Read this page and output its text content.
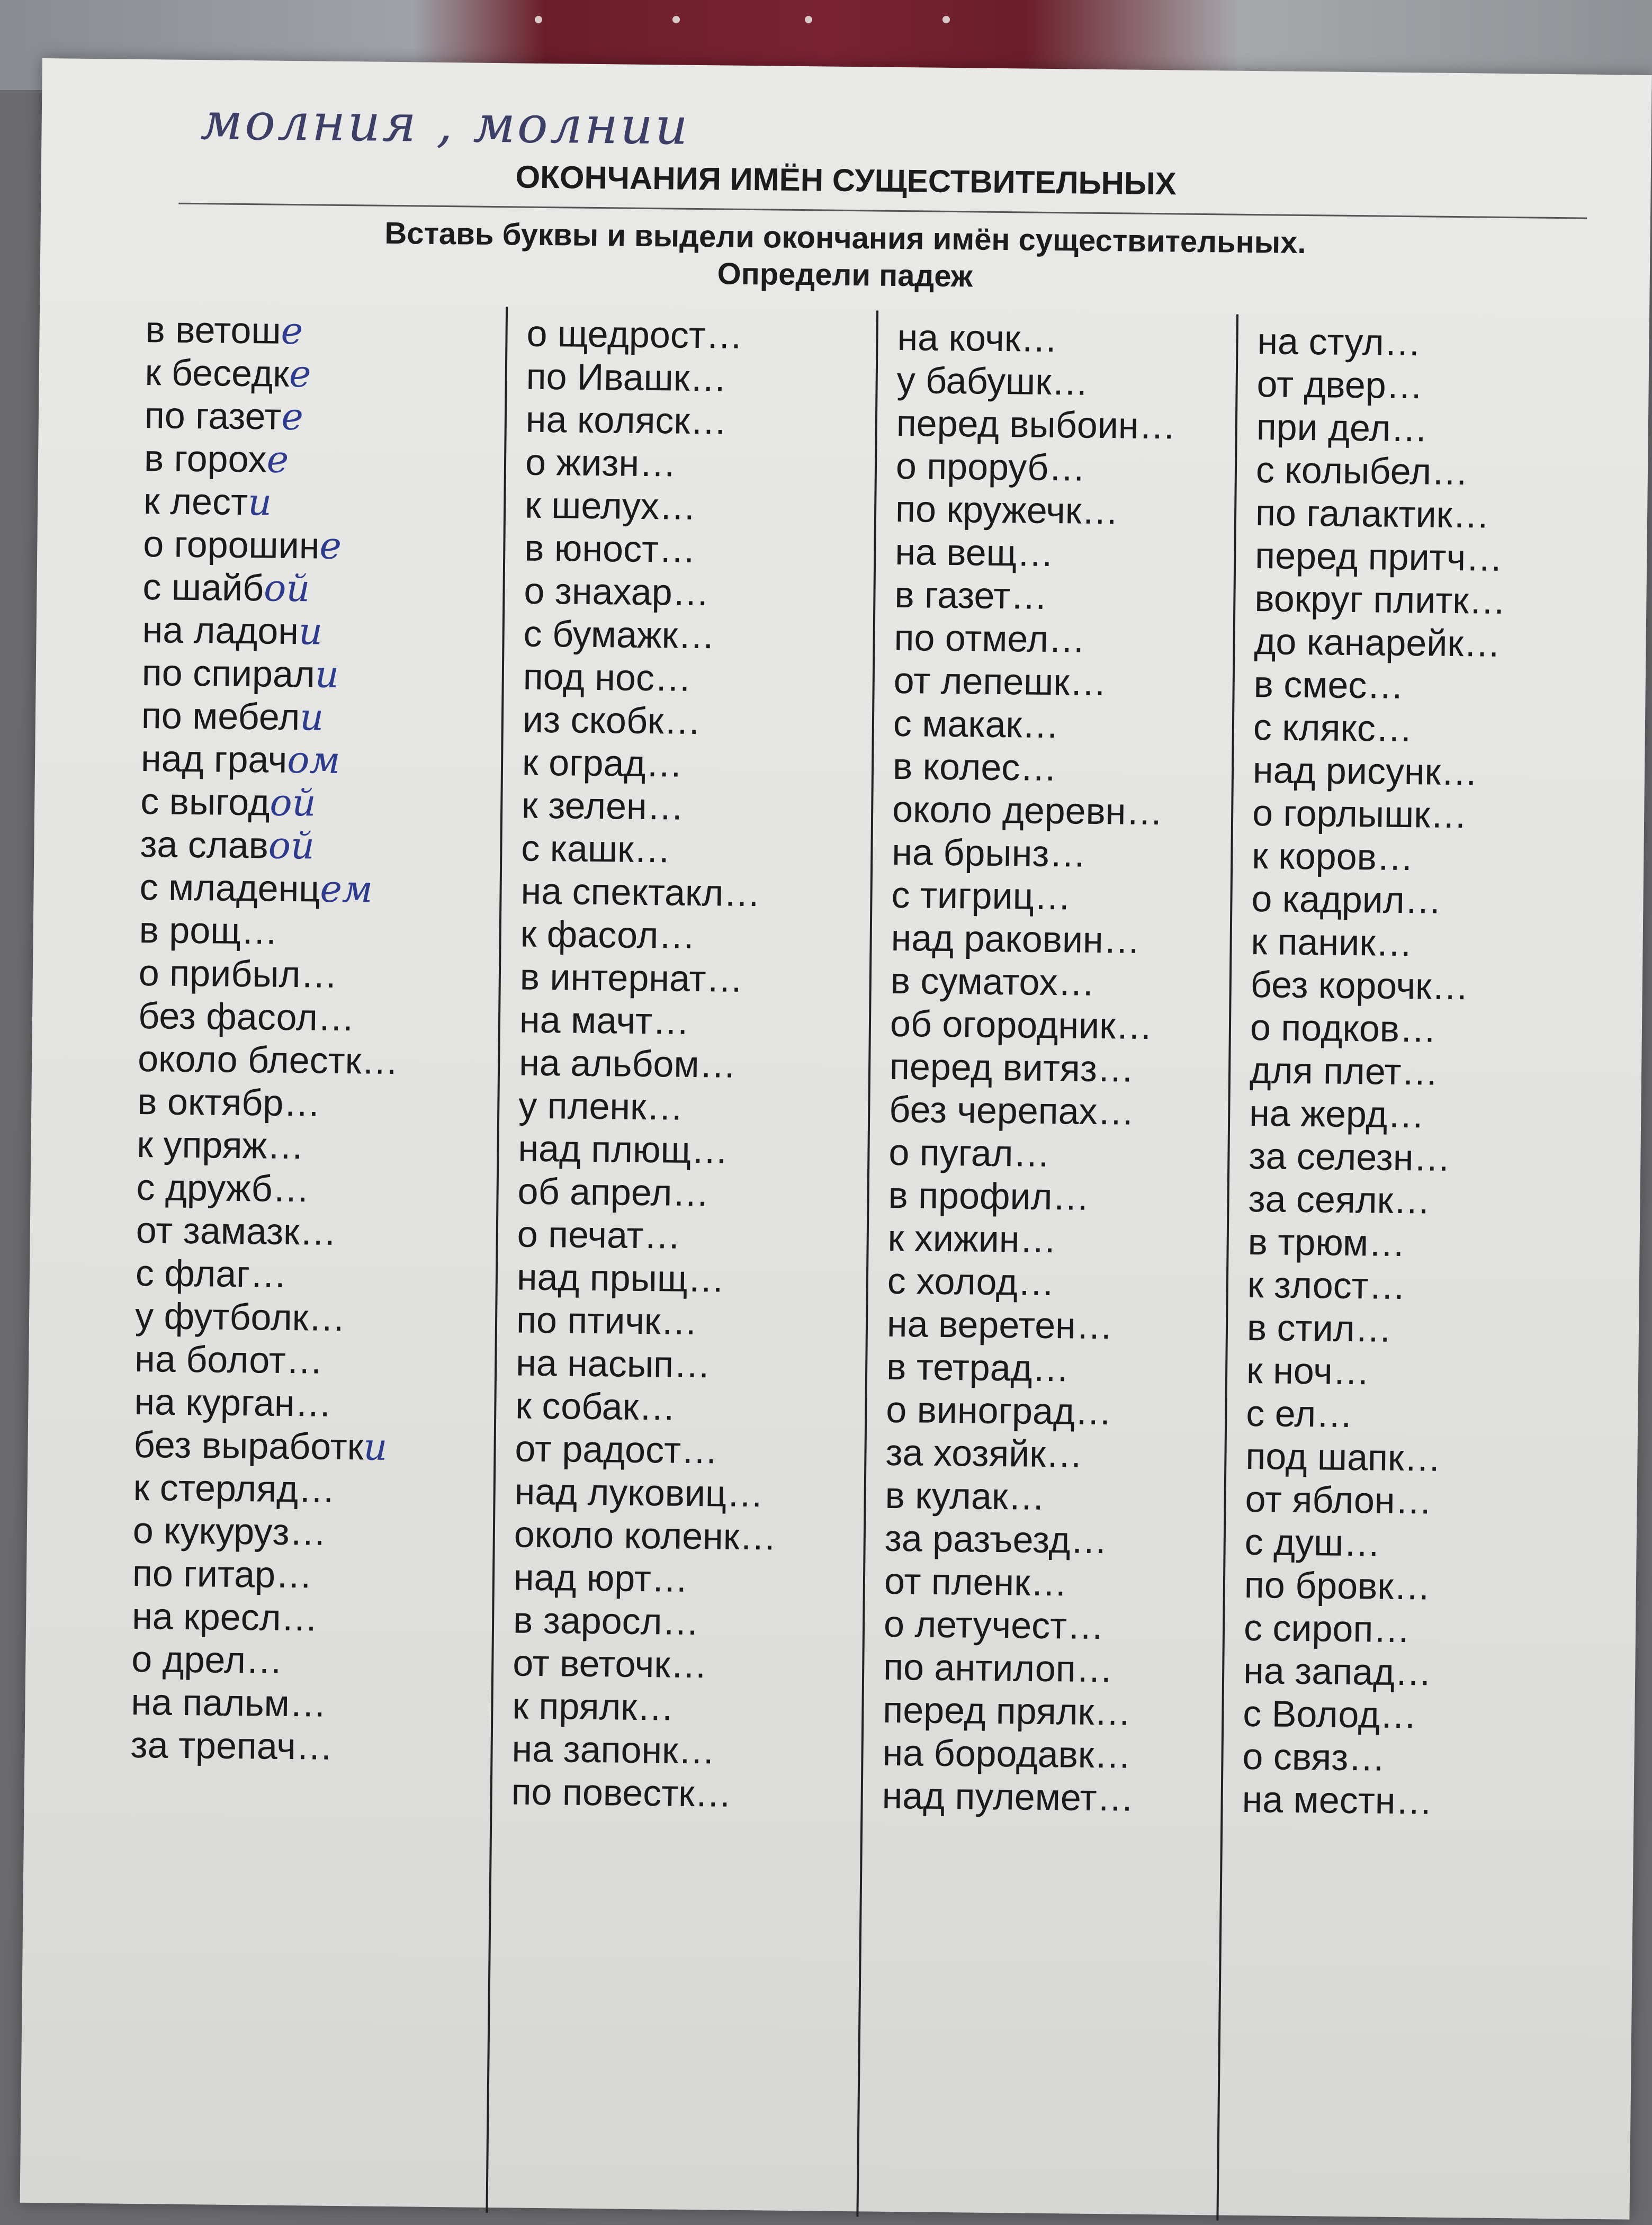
молния , молнии
ОКОНЧАНИЯ ИМЁН СУЩЕСТВИТЕЛЬНЫХ
Вставь буквы и выдели окончания имён существительных.
Определи падеж
в ветоше
к беседке
по газете
в горохе
к лести
о горошине
с шайбой
на ладони
по спирали
по мебели
над грачом
с выгодой
за славой
с младенцем
в рощ…
о прибыл…
без фасол…
около блестк…
в октябр…
к упряж…
с дружб…
от замазк…
с флаг…
у футболк…
на болот…
на курган…
без выработки
к стерляд…
о кукуруз…
по гитар…
на кресл…
о дрел…
на пальм…
за трепач…
о щедрост…
по Ивашк…
на коляск…
о жизн…
к шелух…
в юност…
о знахар…
с бумажк…
под нос…
из скобк…
к оград…
к зелен…
с кашк…
на спектакл…
к фасол…
в интернат…
на мачт…
на альбом…
у пленк…
над плющ…
об апрел…
о печат…
над прыщ…
по птичк…
на насып…
к собак…
от радост…
над луковиц…
около коленк…
над юрт…
в заросл…
от веточк…
к прялк…
на запонк…
по повестк…
на кочк…
у бабушк…
перед выбоин…
о проруб…
по кружечк…
на вещ…
в газет…
по отмел…
от лепешк…
с макак…
в колес…
около деревн…
на брынз…
с тигриц…
над раковин…
в суматох…
об огородник…
перед витяз…
без черепах…
о пугал…
в профил…
к хижин…
с холод…
на веретен…
в тетрад…
о виноград…
за хозяйк…
в кулак…
за разъезд…
от пленк…
о летучест…
по антилоп…
перед прялк…
на бородавк…
над пулемет…
на стул…
от двер…
при дел…
с колыбел…
по галактик…
перед притч…
вокруг плитк…
до канарейк…
в смес…
с клякс…
над рисунк…
о горлышк…
к коров…
о кадрил…
к паник…
без корочк…
о подков…
для плет…
на жерд…
за селезн…
за сеялк…
в трюм…
к злост…
в стил…
к ноч…
с ел…
под шапк…
от яблон…
с душ…
по бровк…
с сироп…
на запад…
с Волод…
о связ…
на местн…
